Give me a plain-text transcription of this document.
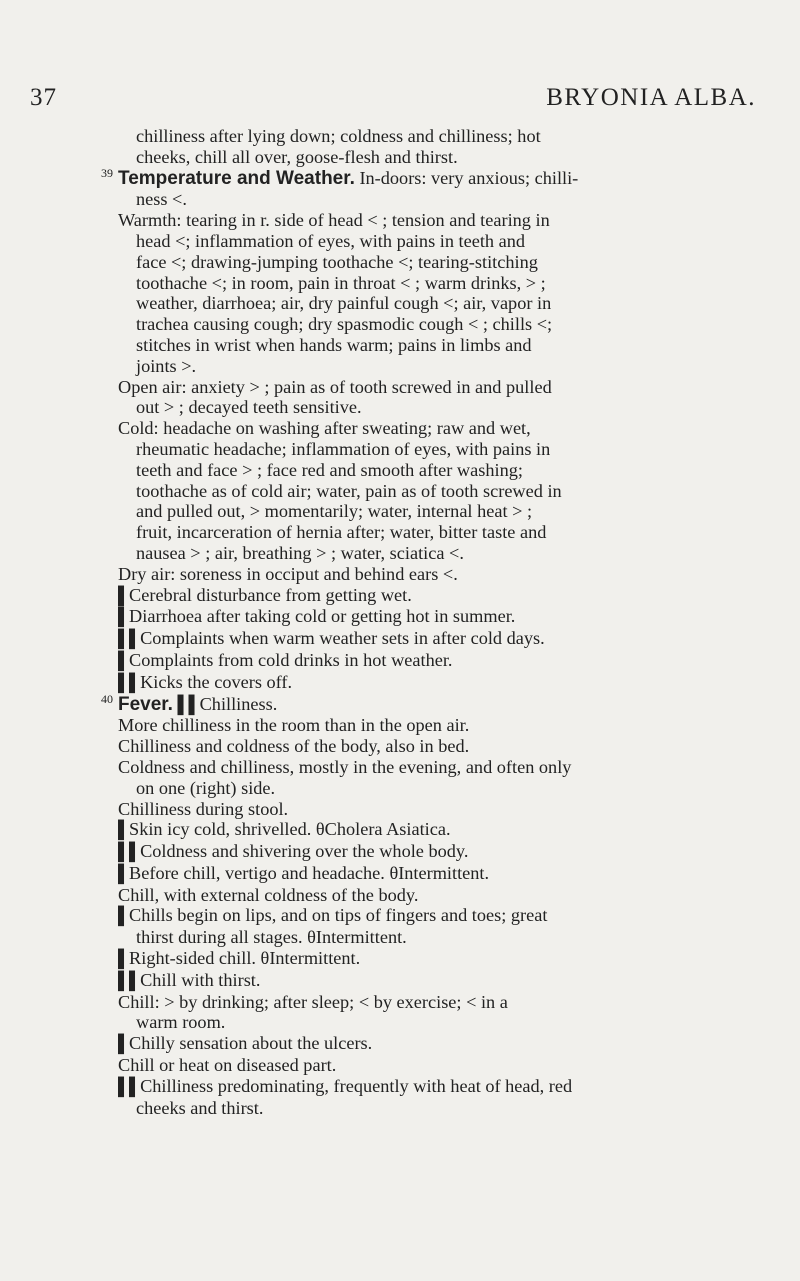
37	BRYONIA ALBA.
chilliness after lying down; coldness and chilliness; hot
cheeks, chill all over, goose-flesh and thirst.
39 Temperature and Weather. In-doors: very anxious; chilli-
ness <.
Warmth: tearing in r. side of head < ; tension and tearing in
head <; inflammation of eyes, with pains in teeth and
face <; drawing-jumping toothache <; tearing-stitching
toothache <; in room, pain in throat < ; warm drinks, > ;
weather, diarrhoea; air, dry painful cough <; air, vapor in
trachea causing cough; dry spasmodic cough < ; chills <;
stitches in wrist when hands warm; pains in limbs and
joints >.
Open air: anxiety > ; pain as of tooth screwed in and pulled
out > ; decayed teeth sensitive.
Cold: headache on washing after sweating; raw and wet,
rheumatic headache; inflammation of eyes, with pains in
teeth and face > ; face red and smooth after washing;
toothache as of cold air; water, pain as of tooth screwed in
and pulled out, > momentarily; water, internal heat > ;
fruit, incarceration of hernia after; water, bitter taste and
nausea > ; air, breathing > ; water, sciatica <.
Dry air: soreness in occiput and behind ears <.
▌Cerebral disturbance from getting wet.
▌Diarrhoea after taking cold or getting hot in summer.
▌▌Complaints when warm weather sets in after cold days.
▌Complaints from cold drinks in hot weather.
▌▌Kicks the covers off.
40 Fever. ▌▌Chilliness.
More chilliness in the room than in the open air.
Chilliness and coldness of the body, also in bed.
Coldness and chilliness, mostly in the evening, and often only
on one (right) side.
Chilliness during stool.
▌Skin icy cold, shrivelled. θCholera Asiatica.
▌▌Coldness and shivering over the whole body.
▌Before chill, vertigo and headache. θIntermittent.
Chill, with external coldness of the body.
▌Chills begin on lips, and on tips of fingers and toes; great
thirst during all stages. θIntermittent.
▌Right-sided chill. θIntermittent.
▌▌Chill with thirst.
Chill: > by drinking; after sleep; < by exercise; < in a
warm room.
▌Chilly sensation about the ulcers.
Chill or heat on diseased part.
▌▌Chilliness predominating, frequently with heat of head, red
cheeks and thirst.
